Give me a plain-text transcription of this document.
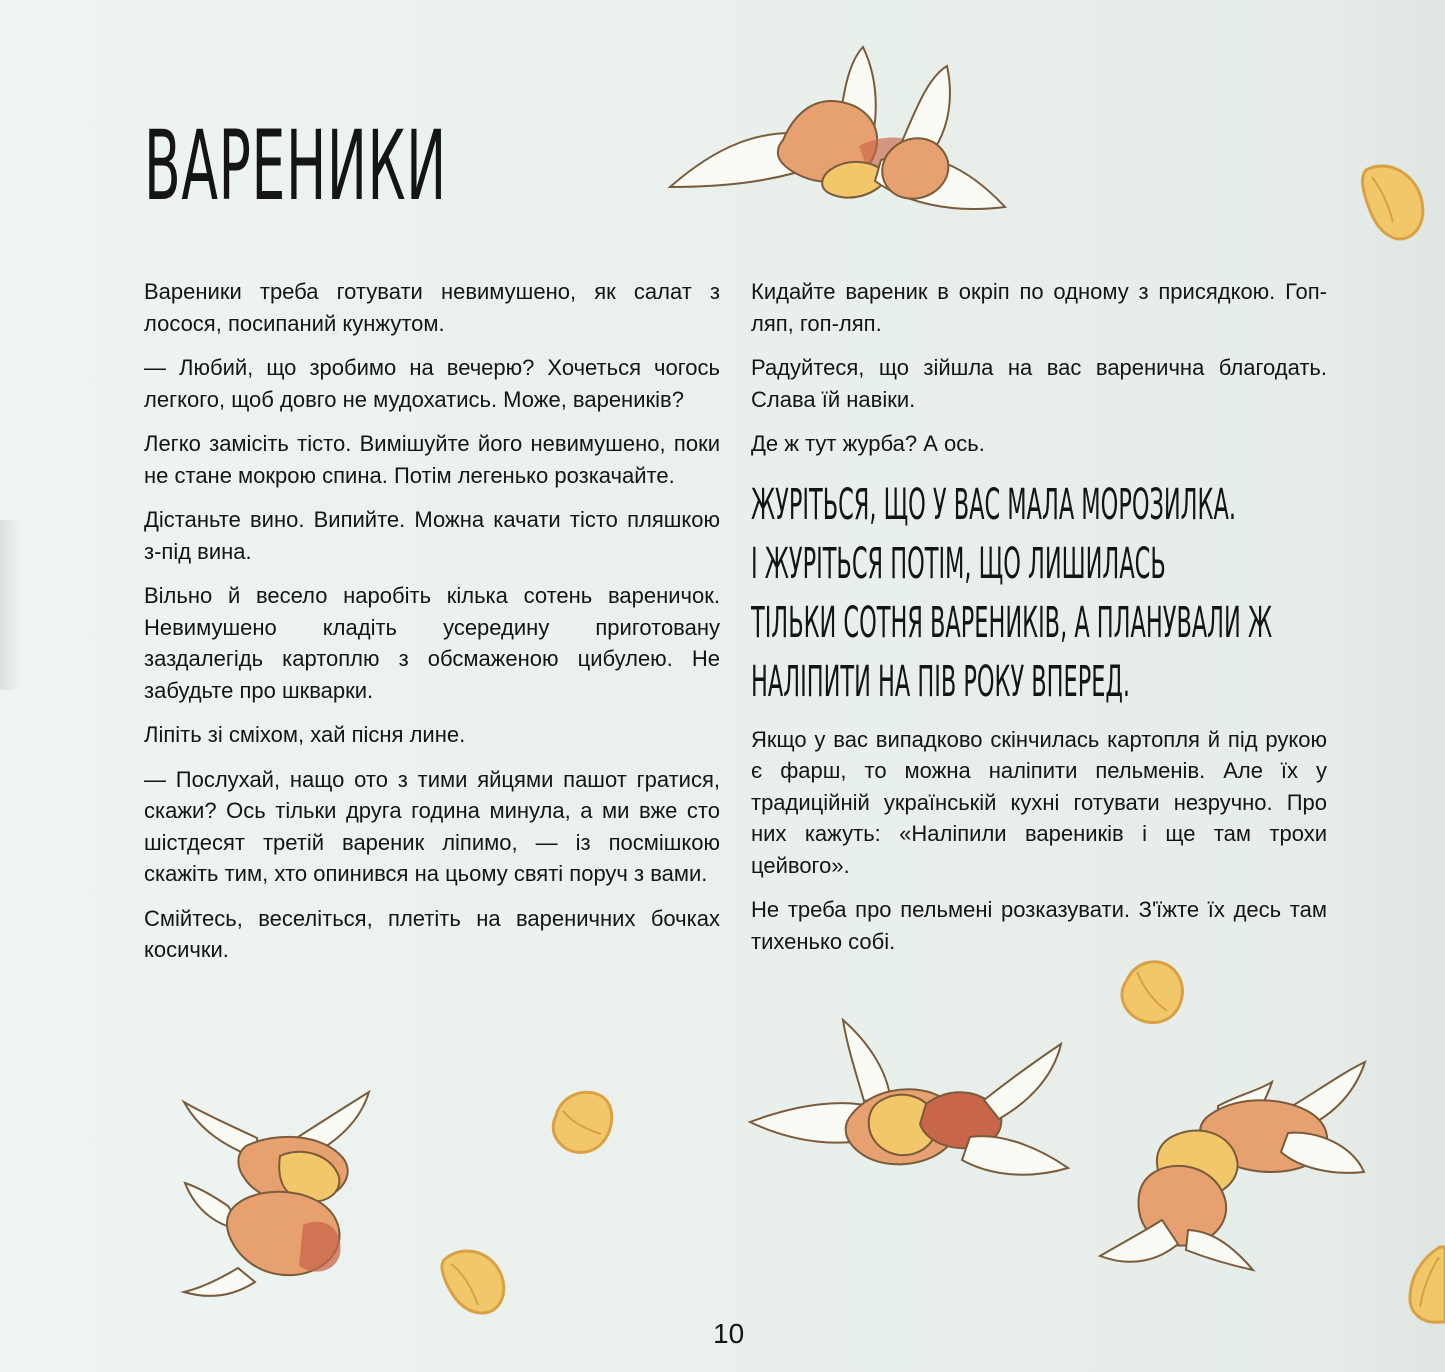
ВАРЕНИКИ

Вареники треба готувати невимушено, як салат з лосося, посипаний кунжутом.

— Любий, що зробимо на вечерю? Хочеться чогось легкого, щоб довго не мудохатись. Може, вареників?

Легко замісіть тісто. Вимішуйте його невимушено, поки не стане мокрою спина. Потім легенько розкачайте.

Дістаньте вино. Випийте. Можна качати тісто пляшкою з-під вина.

Вільно й весело наробіть кілька сотень вареничок. Невимушено кладіть усередину приготовану заздалегідь картоплю з обсмаженою цибулею. Не забудьте про шкварки.

Ліпіть зі сміхом, хай пісня лине.

— Послухай, нащо ото з тими яйцями пашот гратися, скажи? Ось тільки друга година минула, а ми вже сто шістдесят третій вареник ліпимо, — із посмішкою скажіть тим, хто опинився на цьому святі поруч з вами.

Смійтесь, веселіться, плетіть на вареничних бочках косички.

Кидайте вареник в окріп по одному з присядкою. Гоп-ляп, гоп-ляп.

Радуйтеся, що зійшла на вас варенична благодать. Слава їй навіки.

Де ж тут журба? А ось.

ЖУРІТЬСЯ, ЩО У ВАС МАЛА МОРОЗИЛКА.
І ЖУРІТЬСЯ ПОТІМ, ЩО ЛИШИЛАСЬ
ТІЛЬКИ СОТНЯ ВАРЕНИКІВ, А ПЛАНУВАЛИ Ж
НАЛІПИТИ НА ПІВ РОКУ ВПЕРЕД.

Якщо у вас випадково скінчилась картопля й під рукою є фарш, то можна наліпити пельменів. Але їх у традиційній українській кухні готувати незручно. Про них кажуть: «Наліпили вареників і ще там трохи цейвого».

Не треба про пельмені розказувати. З'їжте їх десь там тихенько собі.

10
